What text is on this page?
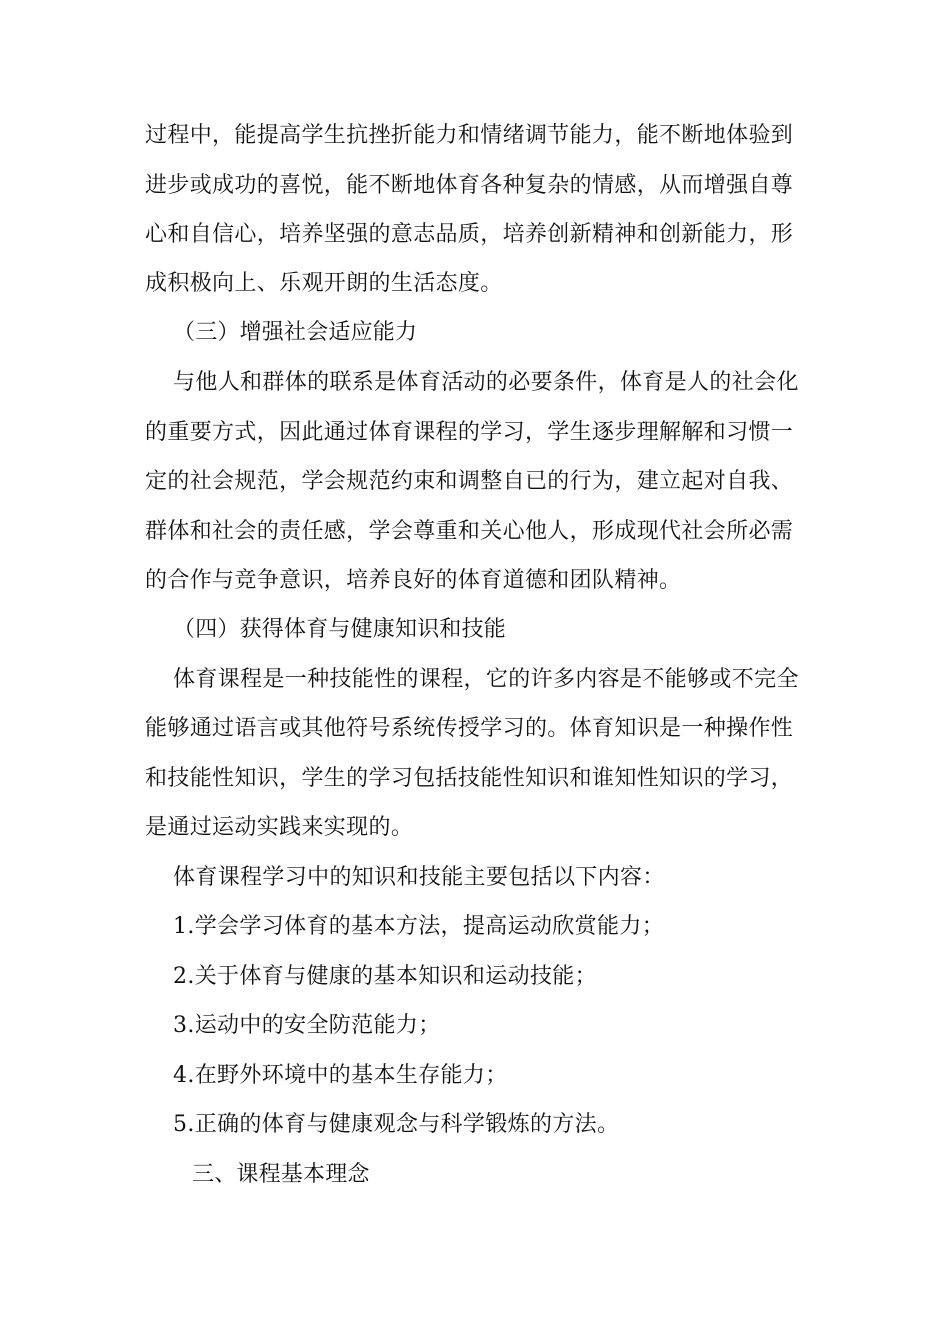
过程中，能提高学生抗挫折能力和情绪调节能力，能不断地体验到
进步或成功的喜悦，能不断地体育各种复杂的情感，从而增强自尊
心和自信心，培养坚强的意志品质，培养创新精神和创新能力，形
成积极向上、乐观开朗的生活态度。
（三）增强社会适应能力
与他人和群体的联系是体育活动的必要条件，体育是人的社会化
的重要方式，因此通过体育课程的学习，学生逐步理解解和习惯一
定的社会规范，学会规范约束和调整自已的行为，建立起对自我、
群体和社会的责任感，学会尊重和关心他人，形成现代社会所必需
的合作与竞争意识，培养良好的体育道德和团队精神。
（四）获得体育与健康知识和技能
体育课程是一种技能性的课程，它的许多内容是不能够或不完全
能够通过语言或其他符号系统传授学习的。体育知识是一种操作性
和技能性知识，学生的学习包括技能性知识和谁知性知识的学习，
是通过运动实践来实现的。
体育课程学习中的知识和技能主要包括以下内容：
1.学会学习体育的基本方法，提高运动欣赏能力；
2.关于体育与健康的基本知识和运动技能；
3.运动中的安全防范能力；
4.在野外环境中的基本生存能力；
5.正确的体育与健康观念与科学锻炼的方法。
三、课程基本理念
